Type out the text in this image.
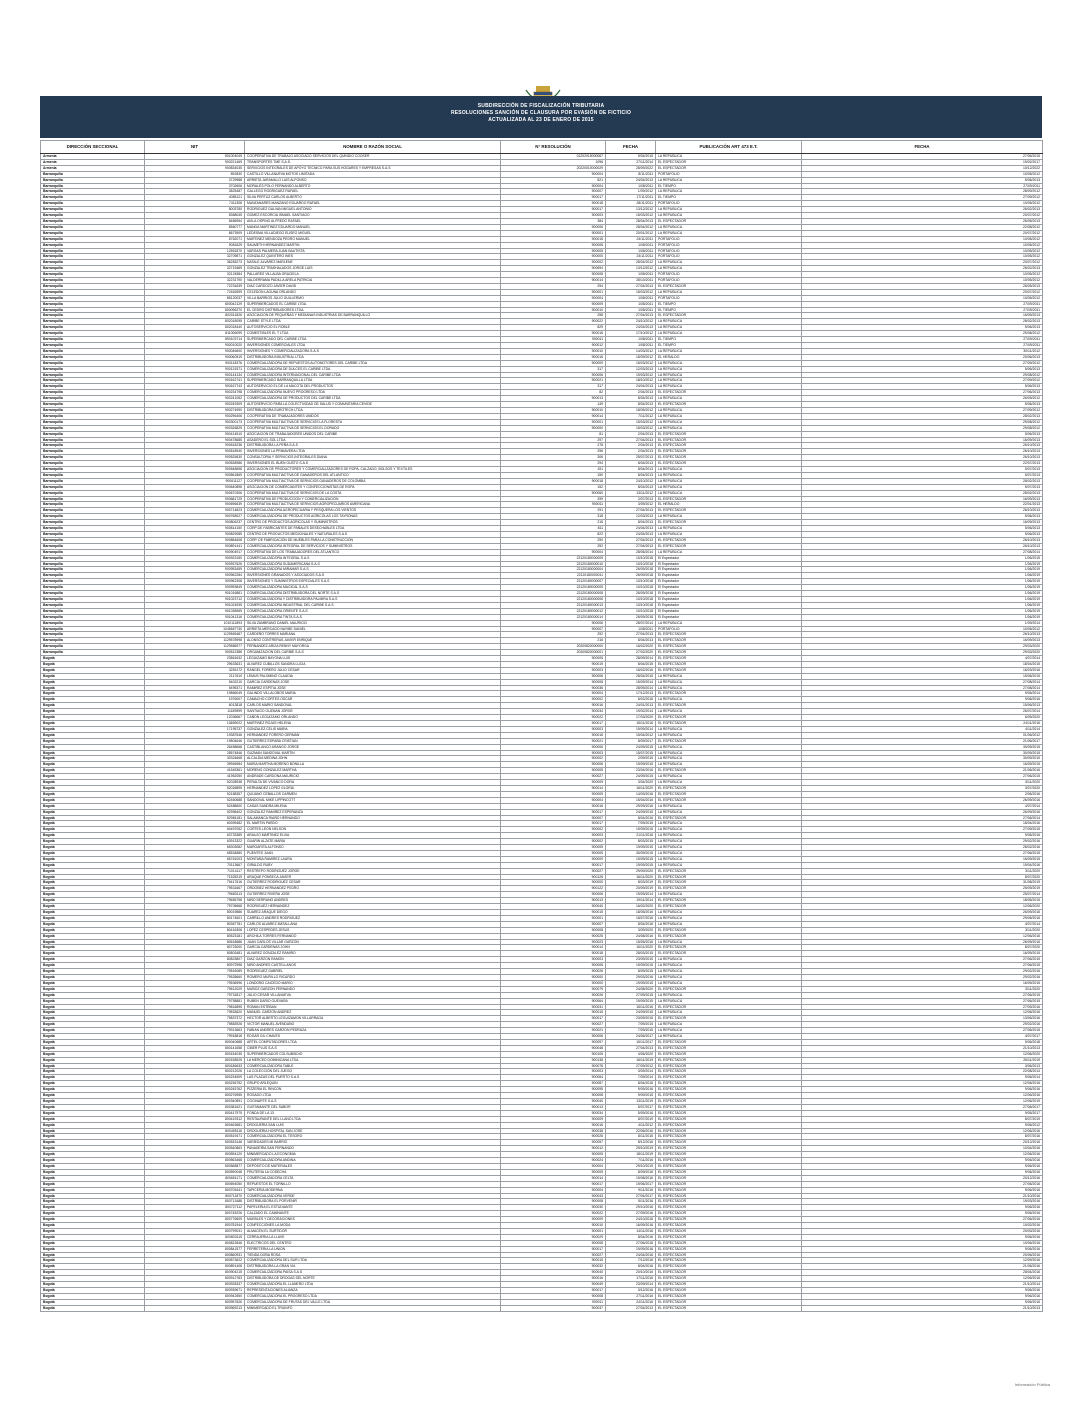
SUBDIRECCIÓN DE FISCALIZACIÓN TRIBUTARIA
RESOLUCIONES SANCIÓN DE CLAUSURA POR EVASIÓN DE FICTICIO
ACTUALIZADA AL 23 DE ENERO DE 2015
DIRECCIÓN SECCIONAL	NIT	NOMBRE O RAZÓN SOCIAL	N° RESOLUCIÓN	FECHA	PUBLICACIÓN ART 473 E.T.	FECHA
Armenia	801004045	COOPERATIVA DE TRABAJO ASOCIADO SERVICIOS DEL QUINDIO COOSER	01202015000067	9/04/2015	LA REPUBLICA	27/06/2015
Armenia	900221469	TRANSPORTES TME S.A.S.	1096	27/11/2014	EL ESPECTADOR	19/02/2017
Armenia	900834035	SERVICIOS INTEGRALES DE APOYO TECNICO PARA SUS HOGARES Y EMPRESAS S.A.S	20220010000029	28/09/2022	EL ESPECTADOR	10/12/2022
Barranquilla	892830	CASTILLO VILLANUEVA MOTOS LIMITADA	900004	8/11/2011	PORTAFOLIO	10/05/2012
Barranquilla	3729988	ARRIETA JARAMILLO LUIS ALFONSO	821	24/04/2013	LA REPUBLICA	5/06/2013
Barranquilla	3702606	MORALES POLO FERNANDO ALBERTO	900004	1/08/2011	EL TIEMPO	27/09/2011
Barranquilla	3825487	GALLEGO RODRIGUEZ RAFAEL	900007	1/09/2012	LA REPUBLICA	28/09/2012
Barranquilla	4085121	SILVA PERTUZ CARLOS ALBERTO	900017	17/11/2011	EL TIEMPO	27/09/2012
Barranquilla	7411308	MANZANARES MANZANO EDUARDO RAFAEL	900018	28/11/2011	PORTAFOLIO	10/05/2012
Barranquilla	8003780	RODRIGUEZ GALVAN MIGUEL ANTONIO	900017	13/12/2012	LA REPUBLICA	26/02/2013
Barranquilla	8368045	GOMEZ ESCORCIA ISMAEL SANTIAGO	900003	15/03/2012	LA REPUBLICA	20/07/2012
Barranquilla	8486954	AVILA OSPINO ALFREDO RAFAEL	384	28/04/2013	EL ESPECTADOR	26/05/2013
Barranquilla	8560777	MANGA MARTINEZ EDUARDO MANUEL	900006	28/04/2012	LA REPUBLICA	22/08/2012
Barranquilla	8673909	LEDESMA VILLADIEGO ELISEO MIGUEL	900001	20/01/2012	LA REPUBLICA	20/07/2012
Barranquilla	8762071	MARTINEZ MENDOZA PEDRO MANUEL	900015	24/11/2011	PORTAFOLIO	10/05/2012
Barranquilla	9081629	SAUMETH HERNANDEZ MARTIN	900008	1/08/2011	PORTAFOLIO	10/05/2012
Barranquilla	12551870	VARGAS PALMERA JUAN BAUTISTA	900005	1/08/2011	PORTAFOLIO	10/05/2012
Barranquilla	32709871	GONZALEZ QUINTERO INES	900000	24/11/2011	PORTAFOLIO	10/05/2012
Barranquilla	36283273	NATALE ALVAREZ MARLENE	900002	28/04/2012	LA REPUBLICA	20/07/2012
Barranquilla	32719489	GONZALEZ TRASHALADOS JORGE LUIS	900694	13/12/2012	LA REPUBLICA	26/02/2013
Barranquilla	32124584	PALLARES VILLALBA GRACIELA	900008	1/08/2011	PORTAFOLIO	10/05/2012
Barranquilla	32231790	VALDERRAMA PADILLA ARELA PATRICIA	900014	28/10/2011	PORTAFOLIO	10/05/2012
Barranquilla	72231639	DIAZ CARDOZO JAVIER DAVID	294	27/04/2013	EL ESPECTADOR	26/05/2013
Barranquilla	72462699	CELEDON LAGUNA ORLANDO	900001	15/03/2012	LA REPUBLICA	20/07/2012
Barranquilla	85120037	VILLA BARRIOS JULIO GUILLERMO	900004	1/08/2011	PORTAFOLIO	10/05/2012
Barranquilla	800042129	SUPERMERCADOS EL CARIBE LTDA.	900009	1/08/2011	EL TIEMPO	27/09/2011
Barranquilla	800096270	EL CEDRO DISTRIBUIDORES LTDA.	900010	1/08/2011	EL TIEMPO	27/09/2011
Barranquilla	802011826	ASOCIACION DE PEQUEÑAS Y MEDIANAS INDUSTRIAS DE BARRANQUILLO	298	27/04/2013	EL ESPECTADOR	16/09/2013
Barranquilla	802018095	CARIBE STYLE LTDA	900022	24/10/2012	LA REPUBLICA	28/02/2013
Barranquilla	802018440	AUTOSERVICIO EL ROBLE	829	24/04/2013	LA REPUBLICA	5/06/2013
Barranquilla	811006099	COMESTIBLES EL T LTDA	900016	17/10/2012	LA REPUBLICA	29/08/2012
Barranquilla	890103714	SUPERMERCADO DEL CARIBE LTDA	900011	1/08/2011	EL TIEMPO	27/09/2011
Barranquilla	900010020	INVERSIONES COMERCIALES LTDA	900012	1/08/2011	EL TIEMPO	27/09/2011
Barranquilla	900046600	INVERSIONES Y COMERCIALIZADORA S.A.S	900010	14/03/2012	LA REPUBLICA	30/11/2012
Barranquilla	900060519	DISTRIBUIDORA INDUSTRIAL LTDA	900016	15/09/2012	EL HERALDO	20/06/2013
Barranquilla	900118376	COMERCIALIZADORA DE REPUESTOS AUTOMOTORES DEL CARIBE LTDA	900009	15/03/2012	LA REPUBLICA	27/09/2012
Barranquilla	900131571	COMERCIALIZADORA DE DULCES EL CARIBE LTDA	317	12/03/2013	LA REPUBLICA	5/06/2013
Barranquilla	900144134	COMERCIALIZADORA INTERNACIONAL DEL CARIBE LTDA	900006	19/03/2012	LA REPUBLICA	29/08/2012
Barranquilla	900162741	SUPERMERCADO BARRANQUILLA LTDA	900021	18/10/2012	LA REPUBLICA	27/09/2012
Barranquilla	900167743	AUTOSERVICIO EL DE LA MACOTA DEL PRODUCTOS	317	24/04/2013	LA REPUBLICA	5/06/2013
Barranquilla	900234798	COMERCIALIZADORA NUEVO PROGRESO LTDA	82	2/04/2013	EL ESPECTADOR	27/06/2013
Barranquilla	900241052	COMERCIALIZADORA DE PRODUCTOS DEL CARIBE LTDA	900013	8/04/2013	LA REPUBLICA	26/09/2012
Barranquilla	900249309	AUTOSERVICIO PARA LA COLECTIVIDAD DE SALUD Y COMUNITARIA CEVIDE	149	8/04/2013	EL ESPECTADOR	5/06/2013
Barranquilla	900274990	DISTRIBUIDORA EUROTECH LTDA	900010	18/05/2012	LA REPUBLICA	27/09/2012
Barranquilla	900296406	COOPERATIVA DE TRABAJADORES UNIDOS	900014	7/11/2012	LA REPUBLICA	28/02/2013
Barranquilla	900300173	COOPERATIVA MULTIACTIVA DE SERVICIOS LA FLORESTA	900001	15/03/2012	LA REPUBLICA	29/08/2012
Barranquilla	900326825	COOPERATIVA MULTIACTIVA DE SERVICIOS EL DORADO	900000	15/03/2012	LA REPUBLICA	29/08/2012
Barranquilla	900414510	ASOCIACION DE TRABAJADORES UNIDOS DEL CARIBE	81	2/04/2013	EL ESPECTADOR	5/06/2013
Barranquilla	900478685	ASADERO EL SOL LTDA	297	27/04/2013	EL ESPECTADOR	16/09/2013
Barranquilla	900518236	DISTRIBUIDORA LA PEÑA S.A.S	278	2/04/2013	EL ESPECTADOR	26/10/2013
Barranquilla	900518940	INVERSIONES LA PRIMAVERA LTDA	296	2/04/2013	EL ESPECTADOR	26/10/2013
Barranquilla	900525630	CONSULTORIA Y SERVICIOS INTEGRALES DIANA	306	25/07/2013	EL ESPECTADOR	26/10/2013
Barranquilla	900538986	INVERSIONES EL BUEN GUSTO S.A.S	294	8/04/2013	EL ESPECTADOR	22/07/2013
Barranquilla	900548698	ASOCIACION DE PRODUCTORES Y COMERCIALIZADORES DE ROPA, CALZADO, BOLSOS Y TEXTILES	151	8/04/2013	LA REPUBLICA	5/07/2013
Barranquilla	900561869	COOPERATIVA MULTIACTIVA DE GANADEROS DEL ATLANTICO	150	8/04/2013	LA REPUBLICA	5/07/2013
Barranquilla	900611127	COOPERATIVA MULTIACTIVA DE SERVICIOS GANADEROS DE COLOMBIA	900018	24/10/2012	LA REPUBLICA	28/02/2013
Barranquilla	900640898	ASOCIACION DE COMERCIANTES Y CONFECCIONISTAS DE ROPA	152	8/04/2013	LA REPUBLICA	5/07/2013
Barranquilla	900670306	COOPERATIVA MULTIACTIVA DE SERVICIOS DE LA COSTA	900060	13/11/2012	LA REPUBLICA	28/02/2013
Barranquilla	900681729	COOPERATIVA DE PRODUCCION Y COMERCIALIZACION	299	2/07/2013	EL ESPECTADOR	16/09/2013
Barranquilla	900696639	COOPERATIVA MULTIACTIVA DE SERVICIOS AGROPECUARIOS AMERICANA	900011	3/09/2012	EL HERALDO	22/01/2013
Barranquilla	900714823	COMERCIALIZADORA AGROPECUARIA Y PESQUERA LOS VIENTOS	291	27/04/2013	EL ESPECTADOR	26/10/2013
Barranquilla	900768027	COMERCIALIZADORA DE PRODUCTOS AGRICOLAS LOS TAYRONAS	318	12/03/2013	LA REPUBLICA	5/06/2013
Barranquilla	900806237	CENTRO DE PRODUCTOS AGRICOLAS Y SUMINISTROS	215	8/04/2013	EL ESPECTADOR	16/09/2013
Barranquilla	900814150	CORP DE FABRICANTES DE PAÑALES DESECHABLES LTDA	811	24/04/2013	LA REPUBLICA	5/06/2013
Barranquilla	900829085	CENTRO DE PRODUCTOS MEDICINALES Y NATURALES S.A.S	822	24/04/2013	LA REPUBLICA	5/06/2013
Barranquilla	900884608	CORP. DE FABRICACION DE MUEBLES PARA LA CONSTRUCCION	290	27/04/2013	EL ESPECTADOR	26/10/2013
Barranquilla	900891441	COMERCIALIZADORA INTEGRAL DE SERVICIOS Y SUMINISTROS	292	27/04/2013	EL ESPECTADOR	26/10/2013
Barranquilla	900904917	COOPERATIVA DE LOS TRABAJADORES DEL ATLANTICO	900004	28/05/2014	LA REPUBLICA	27/08/2014
Barranquilla	900923150	COMERCIALIZADORA INTEGRAL S.A.S	22120180000009	10/10/2018	El Espectador	1/06/2019
Barranquilla	900937626	COMERCIALIZADORA SUDAMERICANA S.A.S	22120180000010	10/10/2018	El Espectador	1/06/2019
Barranquilla	900953459	COMERCIALIZADORA MIRAMAR S.A.S	22120180000004	26/09/2018	El Espectador	1/06/2019
Barranquilla	900962284	INVERSIONES GRANADOS Y ASOCIADOS S.A.S	22120180000011	26/09/2018	El Espectador	1/06/2019
Barranquilla	900962308	INVERSIONES Y SUMINISTROS ESPECIALES S.A.S	22120180000007	10/10/2018	El Espectador	1/06/2019
Barranquilla	900993849	COMERCIALIZADORA MAGICAL S.A.S	22120180000005	10/10/2018	El Espectador	1/06/2019
Barranquilla	901016881	COMERCIALIZADORA DISTRIBUIDORA DEL NORTE S.A.S	22120180000008	26/09/2018	El Espectador	1/06/2019
Barranquilla	901023712	COMERCIALIZADORA Y DISTRIBUIDORA PALMIRA S.A.S	22120180000006	10/10/2018	El Espectador	1/06/2019
Barranquilla	901024935	COMERCIALIZADORA INDUSTRIAL DEL CARIBE S.A.S	22120180000013	10/10/2018	El Espectador	1/06/2019
Barranquilla	901038969	COMERCIALIZADORA ORIENTE S.A.S	22120180000012	10/10/2018	El Espectador	1/06/2019
Barranquilla	901041316	COMERCIALIZADORA TINTA S.A.S	22120180000014	26/09/2018	El Espectador	1/06/2019
Barranquilla	1010111893	SILVA ZAMBRANO DANIEL MAURICIO	900006	28/07/2014	LA REPUBLICA	1/09/2014
Barranquilla	1045667730	ARRIETA MERCADO NAYIBE DANIEL	900007	1/08/2011	PORTAFOLIO	10/05/2012
Barranquilla	1129569487	CARDEÑO TORRES MARIANA	292	27/04/2013	EL ESPECTADOR	26/10/2013
Barranquilla	1129578998	ALONSO CONTRERAS JAVIER ENRIQUE	216	8/04/2013	EL ESPECTADOR	16/09/2013
Barranquilla	1129586977	FERNANDEZ ARIZA RENNY MAYORGA	20200820000000	16/02/2020	EL ESPECTADOR	29/03/2020
Barranquilla	900512386	ORGANIZACION DEL CARIBE S.A.S	20200820000001	27/02/2020	EL ESPECTADOR	29/03/2020
Bogotá	23561632	LEGUIZAMO BAYONA LUIS	900005	28/09/2014	EL ESPECTADOR	4/07/2014
Bogotá	29633631	ALVAREZ CUBILLOS SANDRA LUCIA	900019	8/04/2015	EL ESPECTADOR	18/04/2015
Bogotá	3253172	RANGEL FORERO JULIO CESAR	900003	16/02/2016	EL ESPECTADOR	16/03/2016
Bogotá	2117610	LEMUS PALOMINO CLAUDIA	900006	28/04/2015	LA REPUBLICA	15/06/2015
Bogotá	5402210	GARCIA CARDENAS JOSE	900008	15/09/2014	LA REPUBLICA	27/08/2014
Bogotá	5495371	RAMIREZ ESPITIA JOSE	900036	28/09/2014	LA REPUBLICA	27/08/2014
Bogotá	19866049	GALINDO VILLALOBOS MARIA	900004	17/12/2013	EL ESPECTADOR	9/06/2014
Bogotá	1976007	CAMACHO CORTES OSCAR	900002	6/02/2016	LA REPUBLICA	9/06/2016
Bogotá	6013818	CARLOS MARIO SANDOVAL	900016	24/01/2013	EL ESPECTADOR	15/06/2013
Bogotá	11189599	SANTIAGO GUZMAN JORGE	900034	19/02/2014	LA REPUBLICA	26/07/2014
Bogotá	12036667	CAÑON LEGUIZAMO ORLANDO	900022	17/03/2020	EL ESPECTADOR	6/05/2020
Bogotá	13659022	MARTINEZ ROJAS HELENA	900017	15/11/2016	EL ESPECTADOR	24/11/2016
Bogotá	17195737	GONZALEZ CELIS MARIA	900003	19/09/2014	LA REPUBLICA	4/11/2014
Bogotá	19387546	HERNANDEZ FORERO GERMAN	900016	15/04/2012	LA REPUBLICA	01/06/2012
Bogotá	19804646	GUTIERREZ ESPAÑA CRISTIAN	900021	8/09/2017	EL ESPECTADOR	21/06/2017
Bogotá	26458668	CASTIBLANCO ARANGO JORGE	900006	24/09/2015	LA REPUBLICA	30/09/2015
Bogotá	28574846	GUZMAN SANDOVAL MARTIN	900003	15/07/2015	LA REPUBLICA	30/09/2015
Bogotá	30324668	ALCALDIA MEDINA JOHN	900002	2/09/2015	LA REPUBLICA	30/09/2015
Bogotá	39946984	MARIA MARTHA MORENO BONILLA	900006	19/09/2015	LA REPUBLICA	16/09/2015
Bogotá	41545361	MORENO GONZALEZ MARTHA	900005	23/04/2016	EL ESPECTADOR	21/06/2016
Bogotá	41962050	ANDRADE CARDONA MAURICIO	900027	24/09/2015	LA REPUBLICA	27/06/2015
Bogotá	52028938	PERALTA DE VIVANCO DORA	900009	3/04/2020	LA REPUBLICA	3/11/2020
Bogotá	52026895	HERNANDEZ LOPEZ GLORIA	900014	16/11/2020	EL ESPECTADOR	3/07/2020
Bogotá	52188357	QUIJANO CEBALLOS CARMEN	900009	14/03/2016	EL ESPECTADOR	2/06/2016
Bogotá	52460688	SANDOVAL MIKE LIPPINCOTT	900004	15/04/2016	EL ESPECTADOR	26/09/2016
Bogotá	52488600	CASAS SANDRA MILENA	900016	29/09/2016	LA REPUBLICA	4/07/2014
Bogotá	52998402	GONZALEZ RAMIREZ ESPERANZA	900017	24/09/2015	LA REPUBLICA	26/09/2016
Bogotá	52984181	SALAMANCA RIAÑO HERNANDO	900007	8/04/2016	EL ESPECTADOR	27/06/2014
Bogotá	60399482	EL MARTIN PARDO	900017	7/09/2015	LA REPUBLICA	18/04/2016
Bogotá	60497052	CORTES LEÓN NELSON	900002	19/09/2015	LA REPUBLICA	27/09/2015
Bogotá	63733389	ARAUJO MARTINEZ ELVIA	900003	21/11/2016	LA REPUBLICA	9/05/2016
Bogotá	63913322	GUARIN ALZATE MARIA	900002	8/03/2015	LA REPUBLICA	29/02/2016
Bogotá	65303082	MARGARITA ALFONSO	900005	19/09/2015	LA REPUBLICA	28/02/2016
Bogotá	65534880	PUENTES JUAN	900005	30/09/2015	LA REPUBLICA	27/06/2015
Bogotá	65761003	MONTAÑA RAMIREZ LAURA	900009	19/09/2015	LA REPUBLICA	16/09/2015
Bogotá	70113667	GIRALDO RUBY	900017	19/09/2015	LA REPUBLICA	19/04/2016
Bogotá	71014117	RESTREPO RODRIGUEZ JORGE	900027	29/09/2020	EL ESPECTADOR	3/11/2020
Bogotá	71525219	ARAQUE FONSECA JAVIER	900126	16/11/2020	EL ESPECTADOR	8/07/2020
Bogotá	79417616	GUTIERREZ RODRIGUEZ CESAR	900000	8/03/2019	EL ESPECTADOR	31/08/2019
Bogotá	79531667	ORDOÑEZ HERNANDEZ PEDRO	900122	20/09/2019	EL ESPECTADOR	25/09/2019
Bogotá	79683113	GUTIERREZ RIVERA JOSE	900006	19/09/2014	LA REPUBLICA	25/07/2014
Bogotá	79655798	NIÑO SERRANO ANDRES	900013	19/11/2014	EL ESPECTADOR	18/05/2015
Bogotá	79705668	RODRIGUEZ HERNANDEZ	900040	16/02/2020	EL ESPECTADOR	12/06/2020
Bogotá	80019886	SUAREZ ARAQUE DIEGO	900015	18/05/2016	LA REPUBLICA	26/09/2016
Bogotá	80174601	CARRILLO ANDRES RODRIGUEZ	900001	18/07/2016	LA REPUBLICA	29/06/2016
Bogotá	80367781	CARLOS ALVAREZ MATALLANA	900007	8/04/2016	LA REPUBLICA	4/07/2014
Bogotá	80416306	LOPEZ CESPEDES JESUS	900008	3/09/2020	EL ESPECTADOR	3/11/2020
Bogotá	80523181	ARCHILA TORRES FERNANDO	900025	24/08/2016	EL ESPECTADOR	12/06/2016
Bogotá	80618686	JUAN CARLOS VILLAR GARZON	900023	15/05/2016	LA REPUBLICA	26/09/2016
Bogotá	80723000	GARCIA CARDENAS JOHN	900014	16/11/2020	EL ESPECTADOR	8/07/2020
Bogotá	80803481	ALVAREZ GONZALEZ RAMIRO	900018	28/03/2015	EL ESPECTADOR	16/09/2015
Bogotá	80823807	DIAZ GARZON RAMON	900003	23/09/2015	LA REPUBLICA	27/06/2015
Bogotá	80972998	NIÑO ANDRES CASTELLANOS	900008	19/09/2015	LA REPUBLICA	27/06/2015
Bogotá	79516089	RODRIGUEZ GABRIEL	900026	8/09/2015	LA REPUBLICA	29/02/2016
Bogotá	79528660	ROMERO MURILLO RICARDO	900000	29/03/2016	LA REPUBLICA	29/02/2016
Bogotá	79536996	LONDOÑO CAICEDO MARIO	900000	19/09/2015	LA REPUBLICA	16/09/2015
Bogotá	79612029	MUÑOZ GARZON FERNANDO	900079	24/08/2020	EL ESPECTADOR	3/11/2020
Bogotá	79731817	JULIO CESAR VILLANUEVA	900026	27/09/2015	LA REPUBLICA	27/06/2015
Bogotá	79758881	RUBEN DARIO GUEVARA	900064	19/09/2015	LA REPUBLICA	27/06/2015
Bogotá	79816895	ROMAN ESTEBAN	900031	16/11/2016	EL ESPECTADOR	27/09/2016
Bogotá	79833620	MANUEL GARZON ANDREZ	900015	24/09/2015	LA REPUBLICA	12/06/2016
Bogotá	79837372	HECTOR ALBERTO LEGUIZAMON VILLARRAGA	900017	23/09/2015	EL ESPECTADOR	13/06/2016
Bogotá	79883926	VICTOR MANUEL AVENDAÑO	900027	7/09/2015	LA REPUBLICA	29/02/2016
Bogotá	79913663	FABIAN ANDRES GARZON PEDRAZA	900021	7/09/2015	LA REPUBLICA	27/06/2015
Bogotá	79918818	EDGAR GIL CHAVES	900006	24/06/2017	LA REPUBLICA	4/07/2017
Bogotá	800040688	ARTEL COMPUTADORES LTDA	900097	16/11/2017	EL ESPECTADOR	9/06/2018
Bogotá	800141658	CIBER PLUS S.A.S	900048	27/04/2013	EL ESPECTADOR	21/10/2013
Bogotá	800154035	SUPERMERCADOS COLSUBSIDIO	900105	4/06/2020	EL ESPECTADOR	12/06/2020
Bogotá	800158525	LA MERCED DOMINICANA LTDA	900138	16/11/2019	EL ESPECTADOR	26/11/2019
Bogotá	800186633	COMERCIALIZADORA TABLE	900078	27/09/2012	EL ESPECTADOR	3/06/2013
Bogotá	800212026	LA COLECCIÓN DEL JUEGO	900003	3/09/2014	EL ESPECTADOR	22/08/2014
Bogotá	800234509	LAS PLAZAS DEL PUERTO S.A.S	900064	7/09/2014	EL ESPECTADOR	9/06/2014
Bogotá	800236752	GRUPO ARLEQUÍN	900087	8/04/2016	EL ESPECTADOR	12/06/2016
Bogotá	800245762	PIZZERIA EL RINCON	900095	9/09/2016	EL ESPECTADOR	9/06/2016
Bogotá	800276955	ROSADO LTDA	900008	9/09/2015	EL ESPECTADOR	12/06/2016
Bogotá	800340891	COCINARTE S.A.S	900040	13/11/2019	EL ESPECTADOR	12/06/2019
Bogotá	800381621	GUSTAMANTE DEL SABOR	900013	5/07/2017	EL ESPECTADOR	27/06/2017
Bogotá	800417975	FONDA DE LA 13	900034	5/09/2016	EL ESPECTADOR	9/05/2017
Bogotá	800419312	RESTAURANTE DEL LLANO LTDA	900009	8/07/2019	EL ESPECTADOR	8/07/2019
Bogotá	800463681	DROGUERÍA SAN LUIS	900016	4/11/2012	EL ESPECTADOR	9/06/2012
Bogotá	800495116	DROGUERÍA HOSPITAL SAN JOSE	900038	22/06/2016	EL ESPECTADOR	12/06/2016
Bogotá	800519471	COMERCIALIZADORA EL TESORO	900026	8/11/2016	EL ESPECTADOR	8/07/2016
Bogotá	800533146	VARIEDADES MI BARRIO	900057	8/12/2016	EL ESPECTADOR	20/12/2016
Bogotá	800540863	PANADERÍA SAN FERNANDO	900012	29/10/2019	EL ESPECTADOR	10/04/2016
Bogotá	800554120	MINIMERCADO LA ECONOMIA	900005	18/11/2019	EL ESPECTADOR	12/06/2016
Bogotá	800563468	COMERCIALIZADORA ANDINA	900024	7/11/2016	EL ESPECTADOR	9/06/2016
Bogotá	800568877	DEPÓSITO DE MATERIALES	900004	29/10/2019	EL ESPECTADOR	9/06/2016
Bogotá	800590048	FRUTERIA LA COSECHA	900005	8/09/2016	EL ESPECTADOR	9/06/2016
Bogotá	800651171	COMERCIALIZADORA CELTA	900014	19/08/2016	EL ESPECTADOR	20/12/2016
Bogotá	800694050	REPUESTOS EL TORNILLO	900017	19/06/2017	EL ESPECTADOR	27/06/2016
Bogotá	800705441	TAPICERIA MODERNA	900004	9/11/2016	EL ESPECTADOR	9/06/2016
Bogotá	800711870	COMERCIALIZADORA VERDE	900043	27/04/2017	EL ESPECTADOR	21/10/2016
Bogotá	800713488	DISTRIBUIDORA EL PORVENIR	900008	5/11/2016	EL ESPECTADOR	19/03/2016
Bogotá	800727112	PAPELERIA EL ESTUDIANTE	900030	29/10/2016	EL ESPECTADOR	9/06/2016
Bogotá	800745226	CALZADO EL CAMINANTE	900022	27/09/2016	EL ESPECTADOR	9/06/2016
Bogotá	800776609	MUEBLES Y DECORACIONES	900009	24/10/2016	EL ESPECTADOR	27/06/2016
Bogotá	800781944	CONFECCIONES LA MODA	900010	16/09/2016	EL ESPECTADOR	10/02/2016
Bogotá	800799031	ALMACEN EL SURTIDOR	900001	14/11/2016	EL ESPECTADOR	20/03/2016
Bogotá	800803115	CERRAJERIA LA LLAVE	900029	8/04/2016	EL ESPECTADOR	9/06/2016
Bogotá	800822846	ELECTRICOS DEL CENTRO	900008	27/06/2016	EL ESPECTADOR	10/06/2016
Bogotá	800841577	FERRETERIA LA UNION	900017	19/09/2016	EL ESPECTADOR	9/06/2016
Bogotá	800860931	TIENDA DOÑA ROSA	900027	24/04/2016	EL ESPECTADOR	20/06/2016
Bogotá	800873622	COMERCIALIZADORA DEL SUR LTDA	900015	7/12/2016	EL ESPECTADOR	12/09/2016
Bogotá	800891408	DISTRIBUIDORA LA GRAN VIA	900032	8/04/2016	EL ESPECTADOR	21/06/2016
Bogotá	800904215	COMERCIALIZADORA PAISA S.A.S	900040	20/10/2016	EL ESPECTADOR	28/04/2016
Bogotá	800912783	DISTRIBUIDORA DE DROGAS DEL NORTE	900016	17/11/2016	EL ESPECTADOR	12/06/2016
Bogotá	800928337	COMERCIALIZADORA EL LLANERO LTDA	900049	23/09/2014	EL ESPECTADOR	21/10/2014
Bogotá	800939671	REPRESENTACIONES ALIANZA	900017	3/12/2016	EL ESPECTADOR	9/06/2016
Bogotá	800942550	COMERCIALIZADORA EL PROGRESO LTDA	900008	27/11/2016	EL ESPECTADOR	9/06/2016
Bogotá	800957826	COMERCIALIZADORA DE FRUTAS DEL VALLE LTDA	900011	24/11/2016	EL ESPECTADOR	9/06/2016
Bogotá	800969213	MINIMERCADO EL TRIUNFO	900037	27/04/2013	EL ESPECTADOR	21/10/2013
Información Pública
